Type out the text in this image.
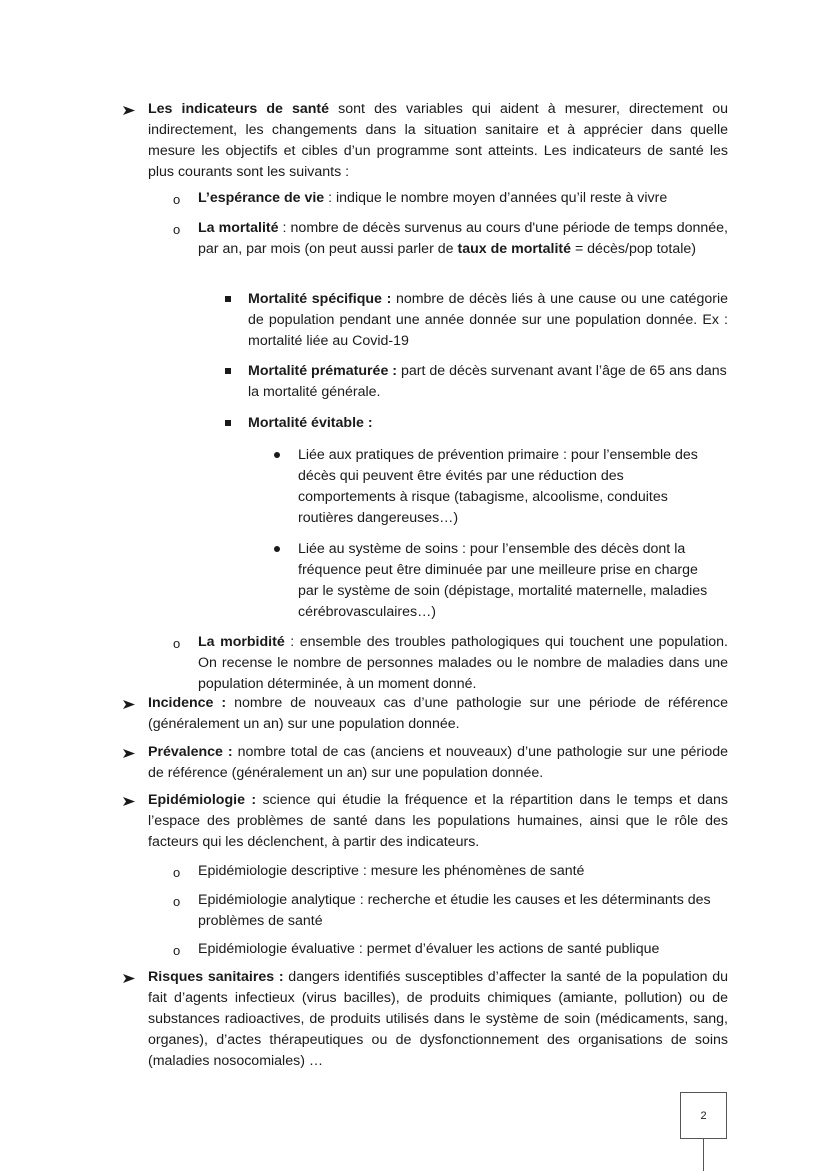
Les indicateurs de santé sont des variables qui aident à mesurer, directement ou indirectement, les changements dans la situation sanitaire et à apprécier dans quelle mesure les objectifs et cibles d’un programme sont atteints. Les indicateurs de santé les plus courants sont les suivants :

o L’espérance de vie : indique le nombre moyen d’années qu’il reste à vivre

o La mortalité : nombre de décès survenus au cours d'une période de temps donnée, par an, par mois (on peut aussi parler de taux de mortalité = décès/pop totale)

Mortalité spécifique : nombre de décès liés à une cause ou une catégorie de population pendant une année donnée sur une population donnée. Ex : mortalité liée au Covid-19

Mortalité prématurée : part de décès survenant avant l’âge de 65 ans dans la mortalité générale.

Mortalité évitable :

Liée aux pratiques de prévention primaire : pour l’ensemble des décès qui peuvent être évités par une réduction des comportements à risque (tabagisme, alcoolisme, conduites routières dangereuses…)

Liée au système de soins : pour l’ensemble des décès dont la fréquence peut être diminuée par une meilleure prise en charge par le système de soin (dépistage, mortalité maternelle, maladies cérébrovasculaires…)

o La morbidité : ensemble des troubles pathologiques qui touchent une population. On recense le nombre de personnes malades ou le nombre de maladies dans une population déterminée, à un moment donné.

Incidence : nombre de nouveaux cas d’une pathologie sur une période de référence (généralement un an) sur une population donnée.

Prévalence : nombre total de cas (anciens et nouveaux) d’une pathologie sur une période de référence (généralement un an) sur une population donnée.

Epidémiologie : science qui étudie la fréquence et la répartition dans le temps et dans l’espace des problèmes de santé dans les populations humaines, ainsi que le rôle des facteurs qui les déclenchent, à partir des indicateurs.

o Epidémiologie descriptive : mesure les phénomènes de santé

o Epidémiologie analytique : recherche et étudie les causes et les déterminants des problèmes de santé

o Epidémiologie évaluative : permet d’évaluer les actions de santé publique

Risques sanitaires : dangers identifiés susceptibles d’affecter la santé de la population du fait d’agents infectieux (virus bacilles), de produits chimiques (amiante, pollution) ou de substances radioactives, de produits utilisés dans le système de soin (médicaments, sang, organes), d’actes thérapeutiques ou de dysfonctionnement des organisations de soins (maladies nosocomiales) …

2
